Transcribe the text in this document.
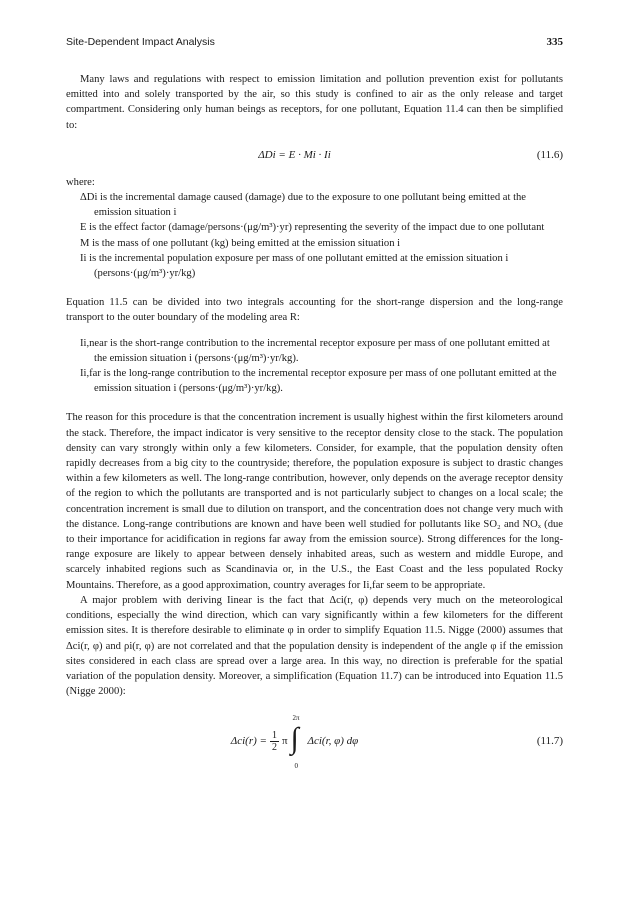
Site-Dependent Impact Analysis	335

Many laws and regulations with respect to emission limitation and pollution prevention exist for pollutants emitted into and solely transported by the air, so this study is confined to air as the only release and target compartment. Considering only human beings as receptors, for one pollutant, Equation 11.4 can then be simplified to:

ΔDi = E · Mi · Ii	(11.6)

where:

ΔDi is the incremental damage caused (damage) due to the exposure to one pollutant being emitted at the emission situation i
E is the effect factor (damage/persons·(μg/m³)·yr) representing the severity of the impact due to one pollutant
M is the mass of one pollutant (kg) being emitted at the emission situation i
Ii is the incremental population exposure per mass of one pollutant emitted at the emission situation i (persons·(μg/m³)·yr/kg)

Equation 11.5 can be divided into two integrals accounting for the short-range dispersion and the long-range transport to the outer boundary of the modeling area R:

Ii,near is the short-range contribution to the incremental receptor exposure per mass of one pollutant emitted at the emission situation i (persons·(μg/m³)·yr/kg).
Ii,far is the long-range contribution to the incremental receptor exposure per mass of one pollutant emitted at the emission situation i (persons·(μg/m³)·yr/kg).

The reason for this procedure is that the concentration increment is usually highest within the first kilometers around the stack. Therefore, the impact indicator is very sensitive to the receptor density close to the stack. The population density can vary strongly within only a few kilometers. Consider, for example, that the population density often rapidly decreases from a big city to the countryside; therefore, the population exposure is subject to drastic changes within a few kilometers as well. The long-range contribution, however, only depends on the average receptor density of the region to which the pollutants are transported and is not particularly subject to changes on a local scale; the concentration increment is small due to dilution on transport, and the concentration does not change very much with the distance. Long-range contributions are known and have been well studied for pollutants like SO₂ and NOₓ (due to their importance for acidification in regions far away from the emission source). Strong differences for the long-range exposure are likely to appear between densely inhabited areas, such as western and middle Europe, and scarcely inhabited regions such as Scandinavia or, in the U.S., the East Coast and the less populated Rocky Mountains. Therefore, as a good approximation, country averages for Ii,far seem to be appropriate.

A major problem with deriving Iinear is the fact that Δci(r, φ) depends very much on the meteorological conditions, especially the wind direction, which can vary significantly within a few kilometers for the different emission sites. It is therefore desirable to eliminate φ in order to simplify Equation 11.5. Nigge (2000) assumes that Δci(r, φ) and ρi(r, φ) are not correlated and that the population density is independent of the angle φ if the emission sites considered in each class are spread over a large area. In this way, no direction is preferable for the spatial variation of the population density. Moreover, a simplification (Equation 11.7) can be introduced into Equation 11.5 (Nigge 2000):

$\Delta ci(r) = \frac{1}{2}$ π
2π
∫
0
Δci(r, φ) dφ	(11.7)
